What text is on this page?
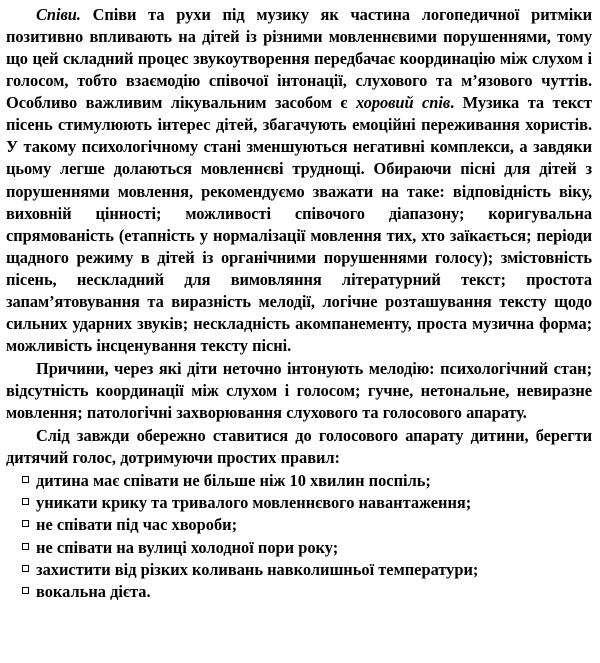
Співи. Співи та рухи під музику як частина логопедичної ритміки позитивно впливають на дітей із різними мовленнєвими порушеннями, тому що цей складний процес звукоутворення передбачає координацію між слухом і голосом, тобто взаємодію співочої інтонації, слухового та м’язового чуттів. Особливо важливим лікувальним засобом є хоровий спів. Музика та текст пісень стимулюють інтерес дітей, збагачують емоційні переживання хористів. У такому психологічному стані зменшуються негативні комплекси, а завдяки цьому легше долаються мовленнєві труднощі. Обираючи пісні для дітей з порушеннями мовлення, рекомендуємо зважати на таке: відповідність віку, виховній цінності; можливості співочого діапазону; коригувальна спрямованість (етапність у нормалізації мовлення тих, хто заїкається; періоди щадного режиму в дітей із органічними порушеннями голосу); змістовність пісень, нескладний для вимовляння літературний текст; простота запам’ятовування та виразність мелодії, логічне розташування тексту щодо сильних ударних звуків; нескладність акомпанементу, проста музична форма; можливість інсценування тексту пісні.

Причини, через які діти неточно інтонують мелодію: психологічний стан; відсутність координації між слухом і голосом; гучне, нетональне, невиразне мовлення; патологічні захворювання слухового та голосового апарату.

Слід завжди обережно ставитися до голосового апарату дитини, берегти дитячий голос, дотримуючи простих правил:

дитина має співати не більше ніж 10 хвилин поспіль;
уникати крику та тривалого мовленнєвого навантаження;
не співати під час хвороби;
не співати на вулиці холодної пори року;
захистити від різких коливань навколишньої температури;
вокальна дієта.
